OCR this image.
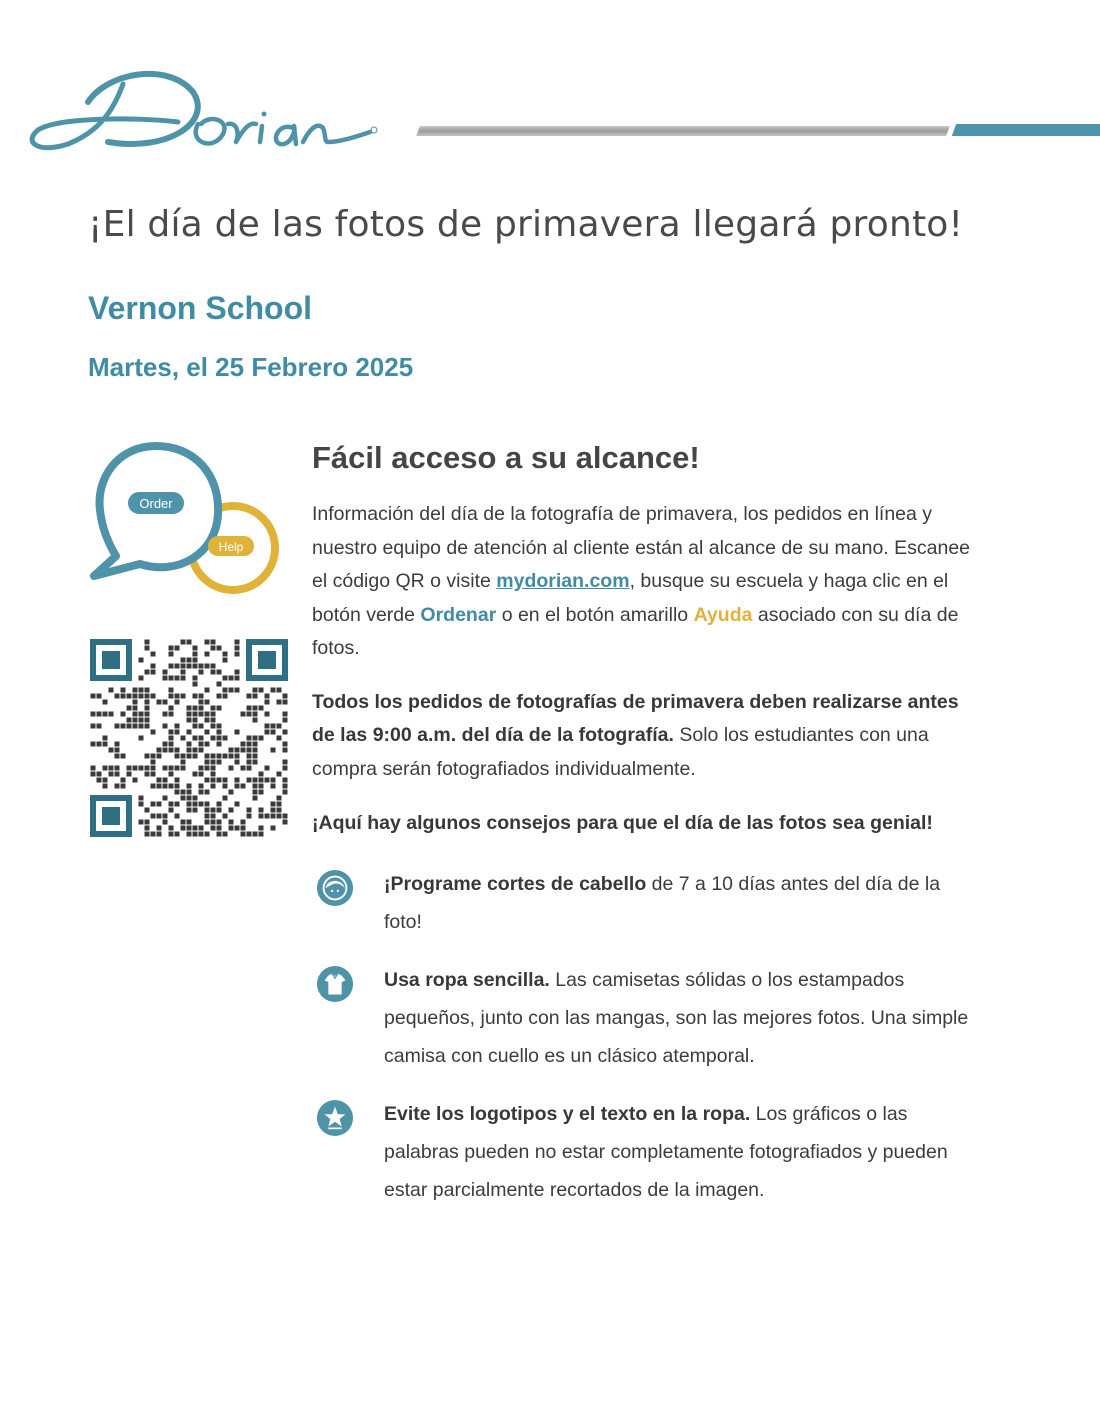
Dorian
¡El día de las fotos de primavera llegará pronto!
Vernon School
Martes, el 25 Febrero 2025
Order
Help
Fácil acceso a su alcance!

Información del día de la fotografía de primavera, los pedidos en línea y nuestro equipo de atención al cliente están al alcance de su mano. Escanee el código QR o visite mydorian.com, busque su escuela y haga clic en el botón verde Ordenar o en el botón amarillo Ayuda asociado con su día de fotos.

Todos los pedidos de fotografías de primavera deben realizarse antes de las 9:00 a.m. del día de la fotografía. Solo los estudiantes con una compra serán fotografiados individualmente.

¡Aquí hay algunos consejos para que el día de las fotos sea genial!
¡Programe cortes de cabello de 7 a 10 días antes del día de la foto!
Usa ropa sencilla. Las camisetas sólidas o los estampados pequeños, junto con las mangas, son las mejores fotos. Una simple camisa con cuello es un clásico atemporal.
Evite los logotipos y el texto en la ropa. Los gráficos o las palabras pueden no estar completamente fotografiados y pueden estar parcialmente recortados de la imagen.
